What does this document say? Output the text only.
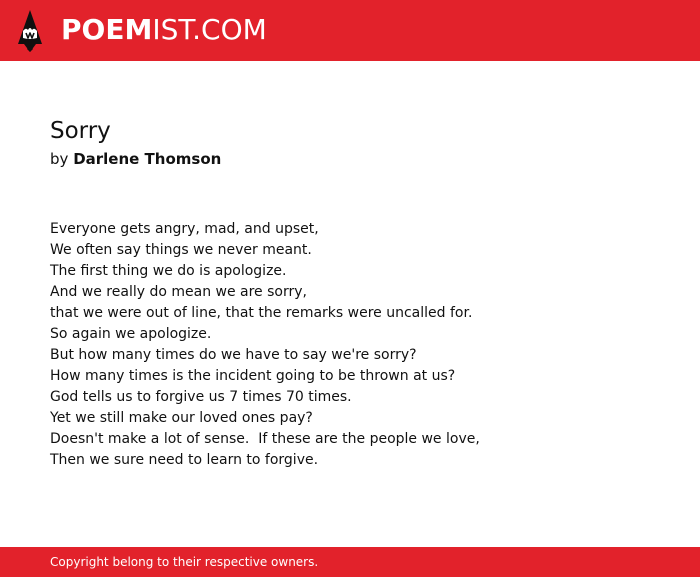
POEMIST.COM
Sorry
by Darlene Thomson
Everyone gets angry, mad, and upset,
We often say things we never meant.
The first thing we do is apologize.
And we really do mean we are sorry,
that we were out of line, that the remarks were uncalled for.
So again we apologize.
But how many times do we have to say we're sorry?
How many times is the incident going to be thrown at us?
God tells us to forgive us 7 times 70 times.
Yet we still make our loved ones pay?
Doesn't make a lot of sense.  If these are the people we love,
Then we sure need to learn to forgive.
Copyright belong to their respective owners.
